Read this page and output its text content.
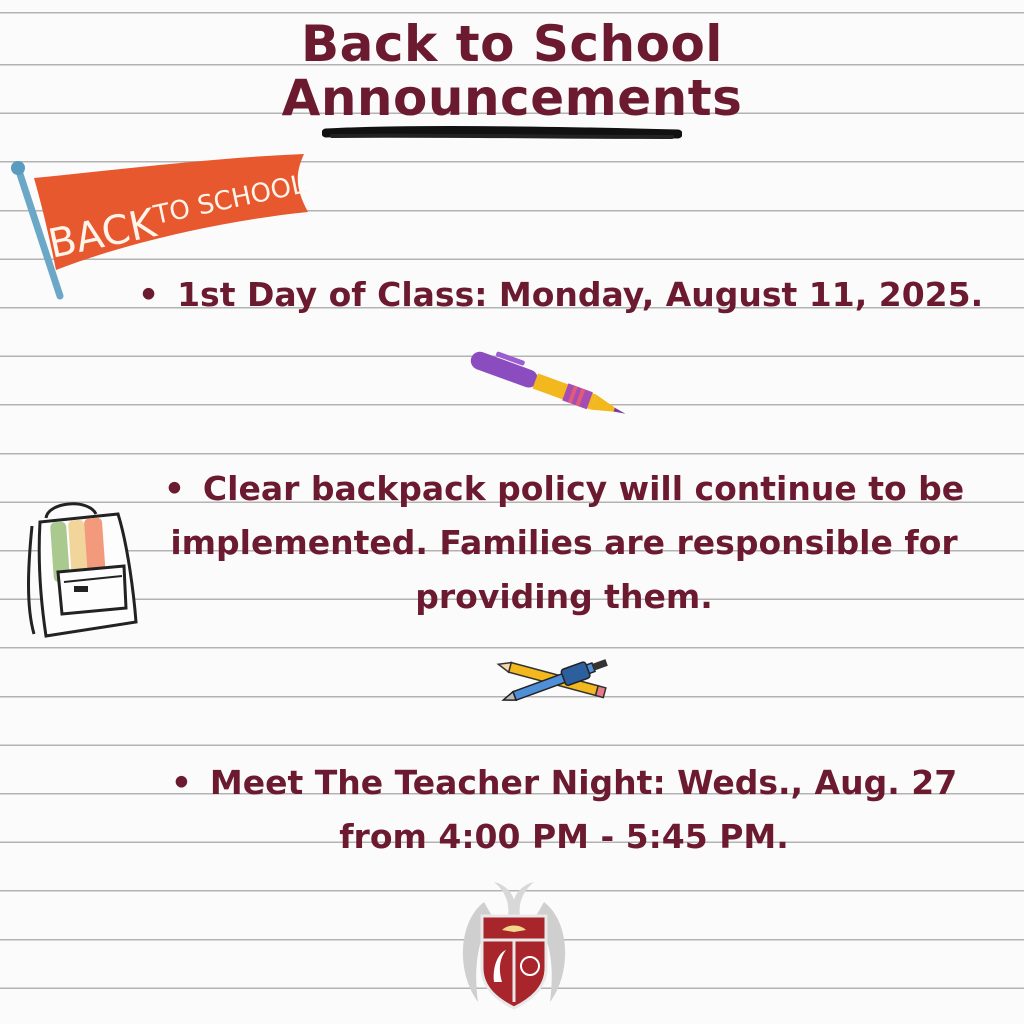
Back to School
Announcements
BACK
TO SCHOOL

• 1st Day of Class: Monday, August 11, 2025.

• Clear backpack policy will continue to be
implemented. Families are responsible for
providing them.
• Meet The Teacher Night: Weds., Aug. 27
from 4:00 PM - 5:45 PM.
